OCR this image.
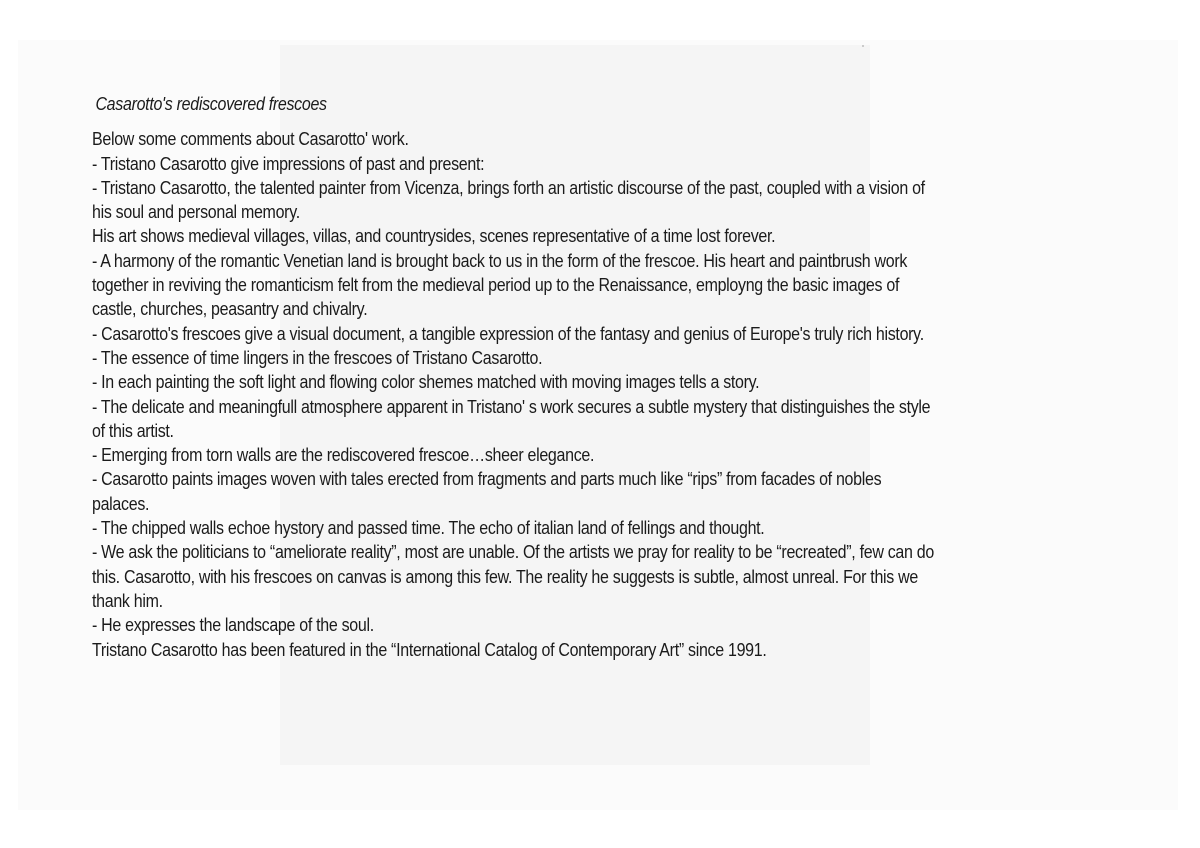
Casarotto's rediscovered frescoes

Below some comments about Casarotto' work.

- Tristano Casarotto give impressions of past and present:

- Tristano Casarotto, the talented painter from Vicenza, brings forth an artistic discourse of the past, coupled with a vision of his soul and personal memory.

His art shows medieval villages, villas, and countrysides, scenes representative of a time lost forever.

- A harmony of the romantic Venetian land is brought back to us in the form of the frescoe. His heart and paintbrush work together in reviving the romanticism felt from the medieval period up to the Renaissance, employng the basic images of castle, churches, peasantry and chivalry.

- Casarotto's frescoes give a visual document, a tangible expression of the fantasy and genius of Europe's truly rich history.

- The essence of time lingers in the frescoes of Tristano Casarotto.

- In each painting the soft light and flowing color shemes matched with moving images tells a story.

- The delicate and meaningfull atmosphere apparent in Tristano' s work secures a subtle mystery that distinguishes the style of this artist.

- Emerging from torn walls are the rediscovered frescoe…sheer elegance.

- Casarotto paints images woven with tales erected from fragments and parts much like “rips” from facades of nobles palaces.

- The chipped walls echoe hystory and passed time. The echo of italian land of fellings and thought.

- We ask the politicians to “ameliorate reality”, most are unable. Of the artists we pray for reality to be “recreated”, few can do this. Casarotto, with his frescoes on canvas is among this few. The reality he suggests is subtle, almost unreal. For this we thank him.

- He expresses the landscape of the soul.

Tristano Casarotto has been featured in the “International Catalog of Contemporary Art” since 1991.
